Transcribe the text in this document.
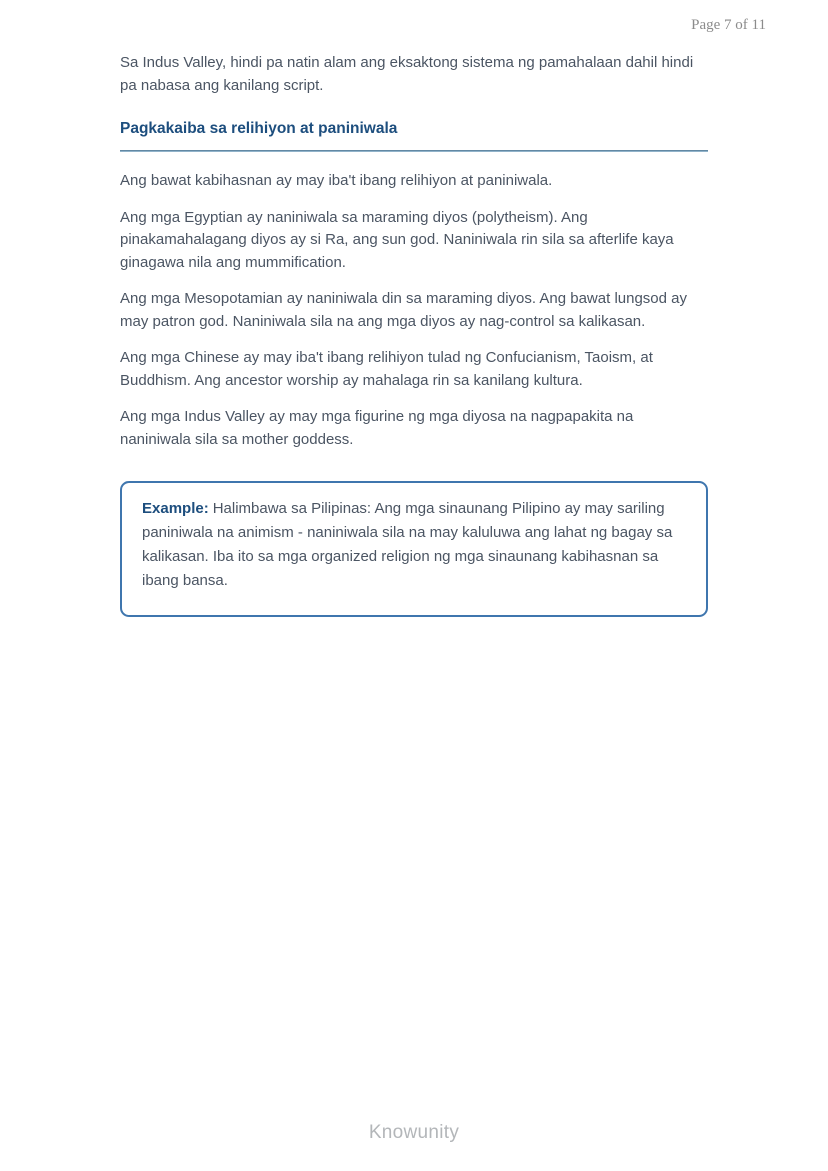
Page 7 of 11

Sa Indus Valley, hindi pa natin alam ang eksaktong sistema ng pamahalaan dahil hindi pa nabasa ang kanilang script.

Pagkakaiba sa relihiyon at paniniwala

Ang bawat kabihasnan ay may iba't ibang relihiyon at paniniwala.

Ang mga Egyptian ay naniniwala sa maraming diyos (polytheism). Ang pinakamahalagang diyos ay si Ra, ang sun god. Naniniwala rin sila sa afterlife kaya ginagawa nila ang mummification.

Ang mga Mesopotamian ay naniniwala din sa maraming diyos. Ang bawat lungsod ay may patron god. Naniniwala sila na ang mga diyos ay nag-control sa kalikasan.

Ang mga Chinese ay may iba't ibang relihiyon tulad ng Confucianism, Taoism, at Buddhism. Ang ancestor worship ay mahalaga rin sa kanilang kultura.

Ang mga Indus Valley ay may mga figurine ng mga diyosa na nagpapakita na naniniwala sila sa mother goddess.

Example: Halimbawa sa Pilipinas: Ang mga sinaunang Pilipino ay may sariling paniniwala na animism - naniniwala sila na may kaluluwa ang lahat ng bagay sa kalikasan. Iba ito sa mga organized religion ng mga sinaunang kabihasnan sa ibang bansa.
Knowunity
